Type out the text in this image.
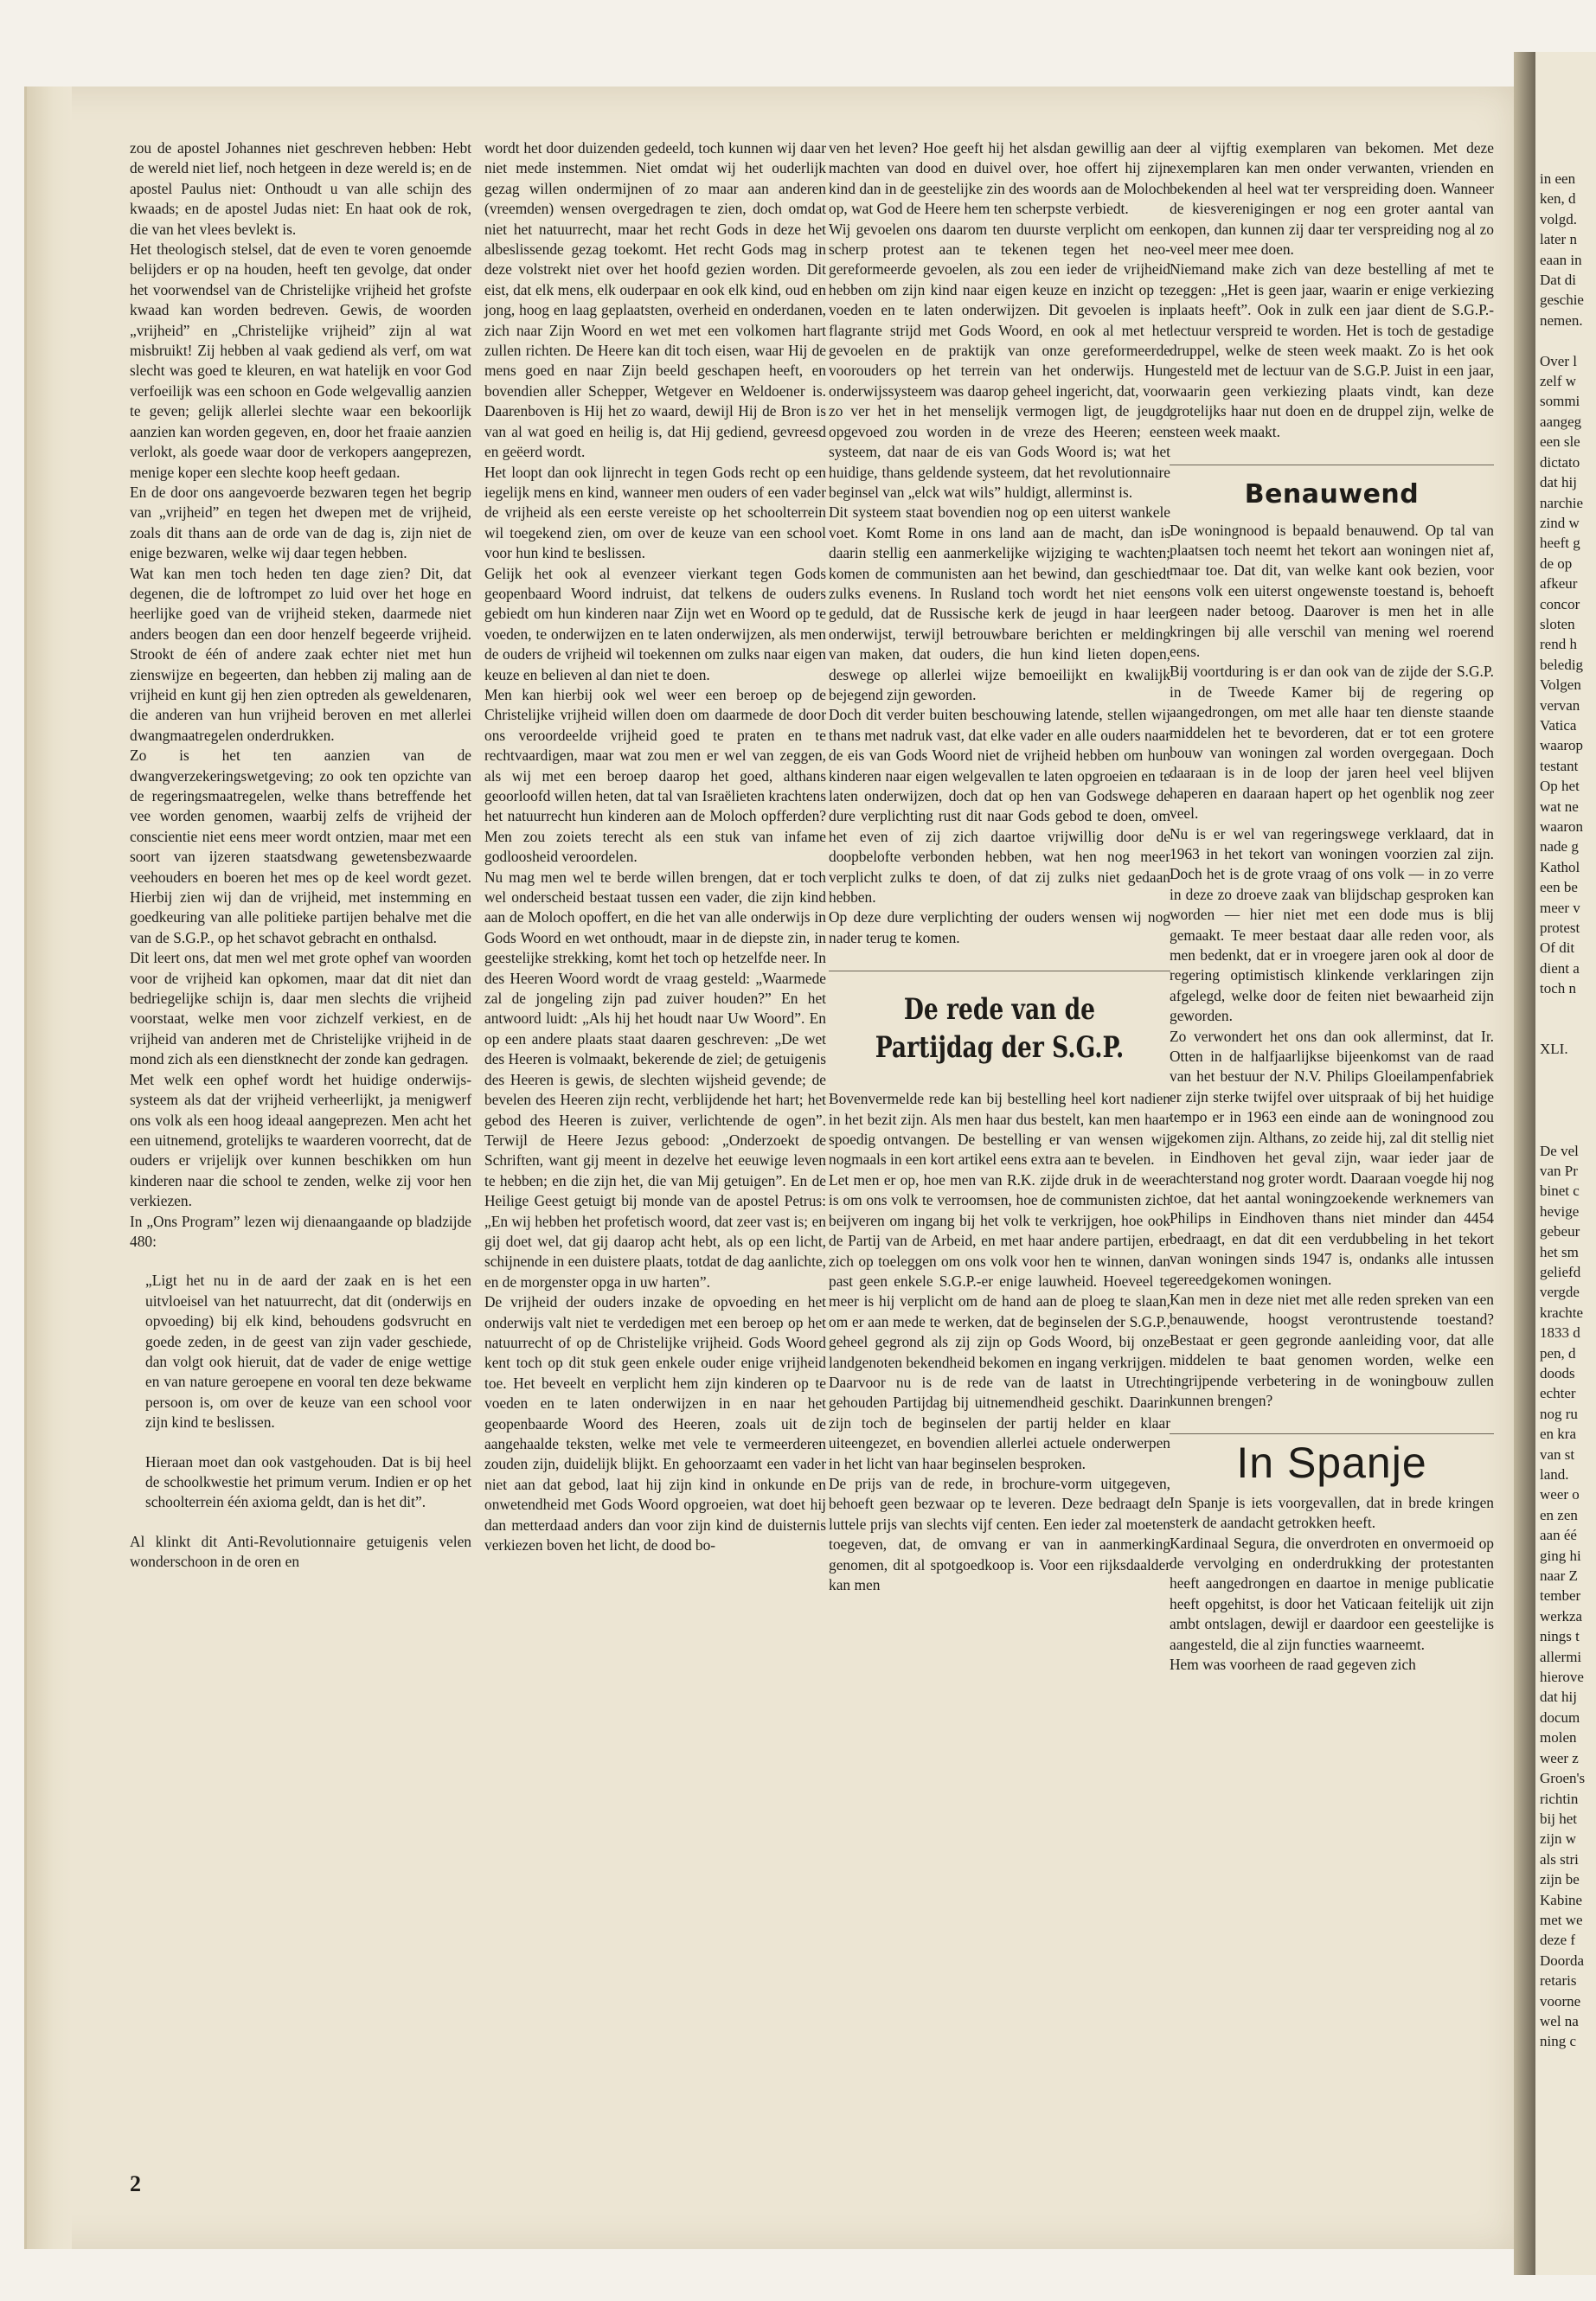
zou de apostel Johannes niet geschreven hebben: Hebt de wereld niet lief, noch hetgeen in deze wereld is; en de apostel Paulus niet: Onthoudt u van alle schijn des kwaads; en de apostel Judas niet: En haat ook de rok, die van het vlees bevlekt is.

Het theologisch stelsel, dat de even te voren genoemde belijders er op na houden, heeft ten gevolge, dat onder het voorwendsel van de Christelijke vrijheid het grofste kwaad kan worden bedreven. Gewis, de woorden „vrijheid” en „Christelijke vrijheid” zijn al wat misbruikt! Zij hebben al vaak gediend als verf, om wat slecht was goed te kleuren, en wat hatelijk en voor God verfoeilijk was een schoon en Gode welgevallig aanzien te geven; gelijk allerlei slechte waar een bekoorlijk aanzien kan worden gegeven, en, door het fraaie aanzien verlokt, als goede waar door de verkopers aangeprezen, menige koper een slechte koop heeft gedaan.

En de door ons aangevoerde bezwaren tegen het begrip van „vrijheid” en tegen het dwepen met de vrijheid, zoals dit thans aan de orde van de dag is, zijn niet de enige bezwaren, welke wij daar tegen hebben.

Wat kan men toch heden ten dage zien? Dit, dat degenen, die de loftrompet zo luid over het hoge en heerlijke goed van de vrijheid steken, daarmede niet anders beogen dan een door henzelf begeerde vrijheid. Strookt de één of andere zaak echter niet met hun zienswijze en begeerten, dan hebben zij maling aan de vrijheid en kunt gij hen zien optreden als geweldenaren, die anderen van hun vrijheid beroven en met allerlei dwangmaatregelen onderdrukken.

Zo is het ten aanzien van de dwangverzekeringswetgeving; zo ook ten opzichte van de regeringsmaatregelen, welke thans betreffende het vee worden genomen, waarbij zelfs de vrijheid der conscientie niet eens meer wordt ontzien, maar met een soort van ijzeren staatsdwang gewetensbezwaarde veehouders en boeren het mes op de keel wordt gezet. Hierbij zien wij dan de vrijheid, met instemming en goedkeuring van alle politieke partijen behalve met die van de S.G.P., op het schavot gebracht en onthalsd.

Dit leert ons, dat men wel met grote ophef van woorden voor de vrijheid kan opkomen, maar dat dit niet dan bedriegelijke schijn is, daar men slechts die vrijheid voorstaat, welke men voor zichzelf verkiest, en de vrijheid van anderen met de Christelijke vrijheid in de mond zich als een dienstknecht der zonde kan gedragen.

Met welk een ophef wordt het huidige onderwijs-systeem als dat der vrijheid verheerlijkt, ja menigwerf ons volk als een hoog ideaal aangeprezen. Men acht het een uitnemend, grotelijks te waarderen voorrecht, dat de ouders er vrijelijk over kunnen beschikken om hun kinderen naar die school te zenden, welke zij voor hen verkiezen.

In „Ons Program” lezen wij dienaangaande op bladzijde 480:

„Ligt het nu in de aard der zaak en is het een uitvloeisel van het natuurrecht, dat dit (onderwijs en opvoeding) bij elk kind, behoudens godsvrucht en goede zeden, in de geest van zijn vader geschiede, dan volgt ook hieruit, dat de vader de enige wettige en van nature geroepene en vooral ten deze bekwame persoon is, om over de keuze van een school voor zijn kind te beslissen.

Hieraan moet dan ook vastgehouden. Dat is bij heel de schoolkwestie het primum verum. Indien er op het schoolterrein één axioma geldt, dan is het dit”.

Al klinkt dit Anti-Revolutionnaire getuigenis velen wonderschoon in de oren en

wordt het door duizenden gedeeld, toch kunnen wij daar niet mede instemmen. Niet omdat wij het ouderlijk gezag willen ondermijnen of zo maar aan anderen (vreemden) wensen overgedragen te zien, doch omdat niet het natuurrecht, maar het recht Gods in deze het albeslissende gezag toekomt. Het recht Gods mag in deze volstrekt niet over het hoofd gezien worden. Dit eist, dat elk mens, elk ouderpaar en ook elk kind, oud en jong, hoog en laag geplaatsten, overheid en onderdanen, zich naar Zijn Woord en wet met een volkomen hart zullen richten. De Heere kan dit toch eisen, waar Hij de mens goed en naar Zijn beeld geschapen heeft, en bovendien aller Schepper, Wetgever en Weldoener is. Daarenboven is Hij het zo waard, dewijl Hij de Bron is van al wat goed en heilig is, dat Hij gediend, gevreesd en geëerd wordt.

Het loopt dan ook lijnrecht in tegen Gods recht op een iegelijk mens en kind, wanneer men ouders of een vader de vrijheid als een eerste vereiste op het schoolterrein wil toegekend zien, om over de keuze van een school voor hun kind te beslissen.

Gelijk het ook al evenzeer vierkant tegen Gods geopenbaard Woord indruist, dat telkens de ouders gebiedt om hun kinderen naar Zijn wet en Woord op te voeden, te onderwijzen en te laten onderwijzen, als men de ouders de vrijheid wil toekennen om zulks naar eigen keuze en believen al dan niet te doen.

Men kan hierbij ook wel weer een beroep op de Christelijke vrijheid willen doen om daarmede de door ons veroordeelde vrijheid goed te praten en te rechtvaardigen, maar wat zou men er wel van zeggen, als wij met een beroep daarop het goed, althans geoorloofd willen heten, dat tal van Israëlieten krachtens het natuurrecht hun kinderen aan de Moloch opfferden? Men zou zoiets terecht als een stuk van infame godloosheid veroordelen.

Nu mag men wel te berde willen brengen, dat er toch wel onderscheid bestaat tussen een vader, die zijn kind aan de Moloch opoffert, en die het van alle onderwijs in Gods Woord en wet onthoudt, maar in de diepste zin, in geestelijke strekking, komt het toch op hetzelfde neer. In des Heeren Woord wordt de vraag gesteld: „Waarmede zal de jongeling zijn pad zuiver houden?” En het antwoord luidt: „Als hij het houdt naar Uw Woord”. En op een andere plaats staat daaren geschreven: „De wet des Heeren is volmaakt, bekerende de ziel; de getuigenis des Heeren is gewis, de slechten wijsheid gevende; de bevelen des Heeren zijn recht, verblijdende het hart; het gebod des Heeren is zuiver, verlichtende de ogen”. Terwijl de Heere Jezus gebood: „Onderzoekt de Schriften, want gij meent in dezelve het eeuwige leven te hebben; en die zijn het, die van Mij getuigen”. En de Heilige Geest getuigt bij monde van de apostel Petrus: „En wij hebben het profetisch woord, dat zeer vast is; en gij doet wel, dat gij daarop acht hebt, als op een licht, schijnende in een duistere plaats, totdat de dag aanlichte, en de morgenster opga in uw harten”.

De vrijheid der ouders inzake de opvoeding en het onderwijs valt niet te verdedigen met een beroep op het natuurrecht of op de Christelijke vrijheid. Gods Woord kent toch op dit stuk geen enkele ouder enige vrijheid toe. Het beveelt en verplicht hem zijn kinderen op te voeden en te laten onderwijzen in en naar het geopenbaarde Woord des Heeren, zoals uit de aangehaalde teksten, welke met vele te vermeerderen zouden zijn, duidelijk blijkt. En gehoorzaamt een vader niet aan dat gebod, laat hij zijn kind in onkunde en onwetendheid met Gods Woord opgroeien, wat doet hij dan metterdaad anders dan voor zijn kind de duisternis verkiezen boven het licht, de dood bo-

ven het leven? Hoe geeft hij het alsdan gewillig aan de machten van dood en duivel over, hoe offert hij zijn kind dan in de geestelijke zin des woords aan de Moloch op, wat God de Heere hem ten scherpste verbiedt.

Wij gevoelen ons daarom ten duurste verplicht om een scherp protest aan te tekenen tegen het neo-gereformeerde gevoelen, als zou een ieder de vrijheid hebben om zijn kind naar eigen keuze en inzicht op te voeden en te laten onderwijzen. Dit gevoelen is in flagrante strijd met Gods Woord, en ook al met het gevoelen en de praktijk van onze gereformeerde voorouders op het terrein van het onderwijs. Hun onderwijssysteem was daarop geheel ingericht, dat, voor zo ver het in het menselijk vermogen ligt, de jeugd opgevoed zou worden in de vreze des Heeren; een systeem, dat naar de eis van Gods Woord is; wat het huidige, thans geldende systeem, dat het revolutionnaire beginsel van „elck wat wils” huldigt, allerminst is.

Dit systeem staat bovendien nog op een uiterst wankele voet. Komt Rome in ons land aan de macht, dan is daarin stellig een aanmerkelijke wijziging te wachten; komen de communisten aan het bewind, dan geschiedt zulks evenens. In Rusland toch wordt het niet eens geduld, dat de Russische kerk de jeugd in haar leer onderwijst, terwijl betrouwbare berichten er melding van maken, dat ouders, die hun kind lieten dopen, deswege op allerlei wijze bemoeilijkt en kwalijk bejegend zijn geworden.

Doch dit verder buiten beschouwing latende, stellen wij thans met nadruk vast, dat elke vader en alle ouders naar de eis van Gods Woord niet de vrijheid hebben om hun kinderen naar eigen welgevallen te laten opgroeien en te laten onderwijzen, doch dat op hen van Godswege de dure verplichting rust dit naar Gods gebod te doen, om het even of zij zich daartoe vrijwillig door de doopbelofte verbonden hebben, wat hen nog meer verplicht zulks te doen, of dat zij zulks niet gedaan hebben.

Op deze dure verplichting der ouders wensen wij nog nader terug te komen.

De rede van de Partijdag der S.G.P.

Bovenvermelde rede kan bij bestelling heel kort nadien in het bezit zijn. Als men haar dus bestelt, kan men haar spoedig ontvangen. De bestelling er van wensen wij nogmaals in een kort artikel eens extra aan te bevelen.

Let men er op, hoe men van R.K. zijde druk in de weer is om ons volk te verroomsen, hoe de communisten zich beijveren om ingang bij het volk te verkrijgen, hoe ook de Partij van de Arbeid, en met haar andere partijen, er zich op toeleggen om ons volk voor hen te winnen, dan past geen enkele S.G.P.-er enige lauwheid. Hoeveel te meer is hij verplicht om de hand aan de ploeg te slaan, om er aan mede te werken, dat de beginselen der S.G.P., geheel gegrond als zij zijn op Gods Woord, bij onze landgenoten bekendheid bekomen en ingang verkrijgen.

Daarvoor nu is de rede van de laatst in Utrecht gehouden Partijdag bij uitnemendheid geschikt. Daarin zijn toch de beginselen der partij helder en klaar uiteengezet, en bovendien allerlei actuele onderwerpen in het licht van haar beginselen besproken.

De prijs van de rede, in brochure-vorm uitgegeven, behoeft geen bezwaar op te leveren. Deze bedraagt de luttele prijs van slechts vijf centen. Een ieder zal moeten toegeven, dat, de omvang er van in aanmerking genomen, dit al spotgoedkoop is. Voor een rijksdaalder kan men

er al vijftig exemplaren van bekomen. Met deze exemplaren kan men onder verwanten, vrienden en bekenden al heel wat ter verspreiding doen. Wanneer de kiesverenigingen er nog een groter aantal van kopen, dan kunnen zij daar ter verspreiding nog al zo veel meer mee doen.

Niemand make zich van deze bestelling af met te zeggen: „Het is geen jaar, waarin er enige verkiezing plaats heeft”. Ook in zulk een jaar dient de S.G.P.-lectuur verspreid te worden. Het is toch de gestadige druppel, welke de steen week maakt. Zo is het ook gesteld met de lectuur van de S.G.P. Juist in een jaar, waarin geen verkiezing plaats vindt, kan deze grotelijks haar nut doen en de druppel zijn, welke de steen week maakt.

Benauwend

De woningnood is bepaald benauwend. Op tal van plaatsen toch neemt het tekort aan woningen niet af, maar toe. Dat dit, van welke kant ook bezien, voor ons volk een uiterst ongewenste toestand is, behoeft geen nader betoog. Daarover is men het in alle kringen bij alle verschil van mening wel roerend eens.

Bij voortduring is er dan ook van de zijde der S.G.P. in de Tweede Kamer bij de regering op aangedrongen, om met alle haar ten dienste staande middelen het te bevorderen, dat er tot een grotere bouw van woningen zal worden overgegaan. Doch daaraan is in de loop der jaren heel veel blijven haperen en daaraan hapert op het ogenblik nog zeer veel.

Nu is er wel van regeringswege verklaard, dat in 1963 in het tekort van woningen voorzien zal zijn. Doch het is de grote vraag of ons volk — in zo verre in deze zo droeve zaak van blijdschap gesproken kan worden — hier niet met een dode mus is blij gemaakt. Te meer bestaat daar alle reden voor, als men bedenkt, dat er in vroegere jaren ook al door de regering optimistisch klinkende verklaringen zijn afgelegd, welke door de feiten niet bewaarheid zijn geworden.

Zo verwondert het ons dan ook allerminst, dat Ir. Otten in de halfjaarlijkse bijeenkomst van de raad van het bestuur der N.V. Philips Gloeilampenfabriek er zijn sterke twijfel over uitspraak of bij het huidige tempo er in 1963 een einde aan de woningnood zou gekomen zijn. Althans, zo zeide hij, zal dit stellig niet in Eindhoven het geval zijn, waar ieder jaar de achterstand nog groter wordt. Daaraan voegde hij nog toe, dat het aantal woningzoekende werknemers van Philips in Eindhoven thans niet minder dan 4454 bedraagt, en dat dit een verdubbeling in het tekort van woningen sinds 1947 is, ondanks alle intussen gereedgekomen woningen.

Kan men in deze niet met alle reden spreken van een benauwende, hoogst verontrustende toestand? Bestaat er geen gegronde aanleiding voor, dat alle middelen te baat genomen worden, welke een ingrijpende verbetering in de woningbouw zullen kunnen brengen?

In Spanje

In Spanje is iets voorgevallen, dat in brede kringen sterk de aandacht getrokken heeft.

Kardinaal Segura, die onverdroten en onvermoeid op de vervolging en onderdrukking der protestanten heeft aangedrongen en daartoe in menige publicatie heeft opgehitst, is door het Vaticaan feitelijk uit zijn ambt ontslagen, dewijl er daardoor een geestelijke is aangesteld, die al zijn functies waarneemt.

Hem was voorheen de raad gegeven zich

2
in een
ken, d
volgd.
later n
eaan in
Dat di
geschie
nemen.

Over l
zelf w
sommi
aangeg
een sle
dictato
dat hij
narchie
zind w
heeft g
de op
afkeur
concor
sloten
rend h
beledig
Volgen
vervan
Vatica
waarop
testant
Op het
wat ne
waaron
nade g
Kathol
een be
meer v
protest
Of dit
dient a
toch n

XLI.

De vel
van Pr
binet c
hevige
gebeur
het sm
geliefd
vergde
krachte
1833 d
pen, d
doods
echter
nog ru
en kra
van st
land.
weer o
en zen
aan éé
ging hi
naar Z
tember
werkza
nings t
allermi
hierove
dat hij
docum
molen
weer z
Groen's
richtin
bij het
zijn w
als stri
zijn be
Kabine
met we
deze f
Doorda
retaris
voorne
wel na
ning c
